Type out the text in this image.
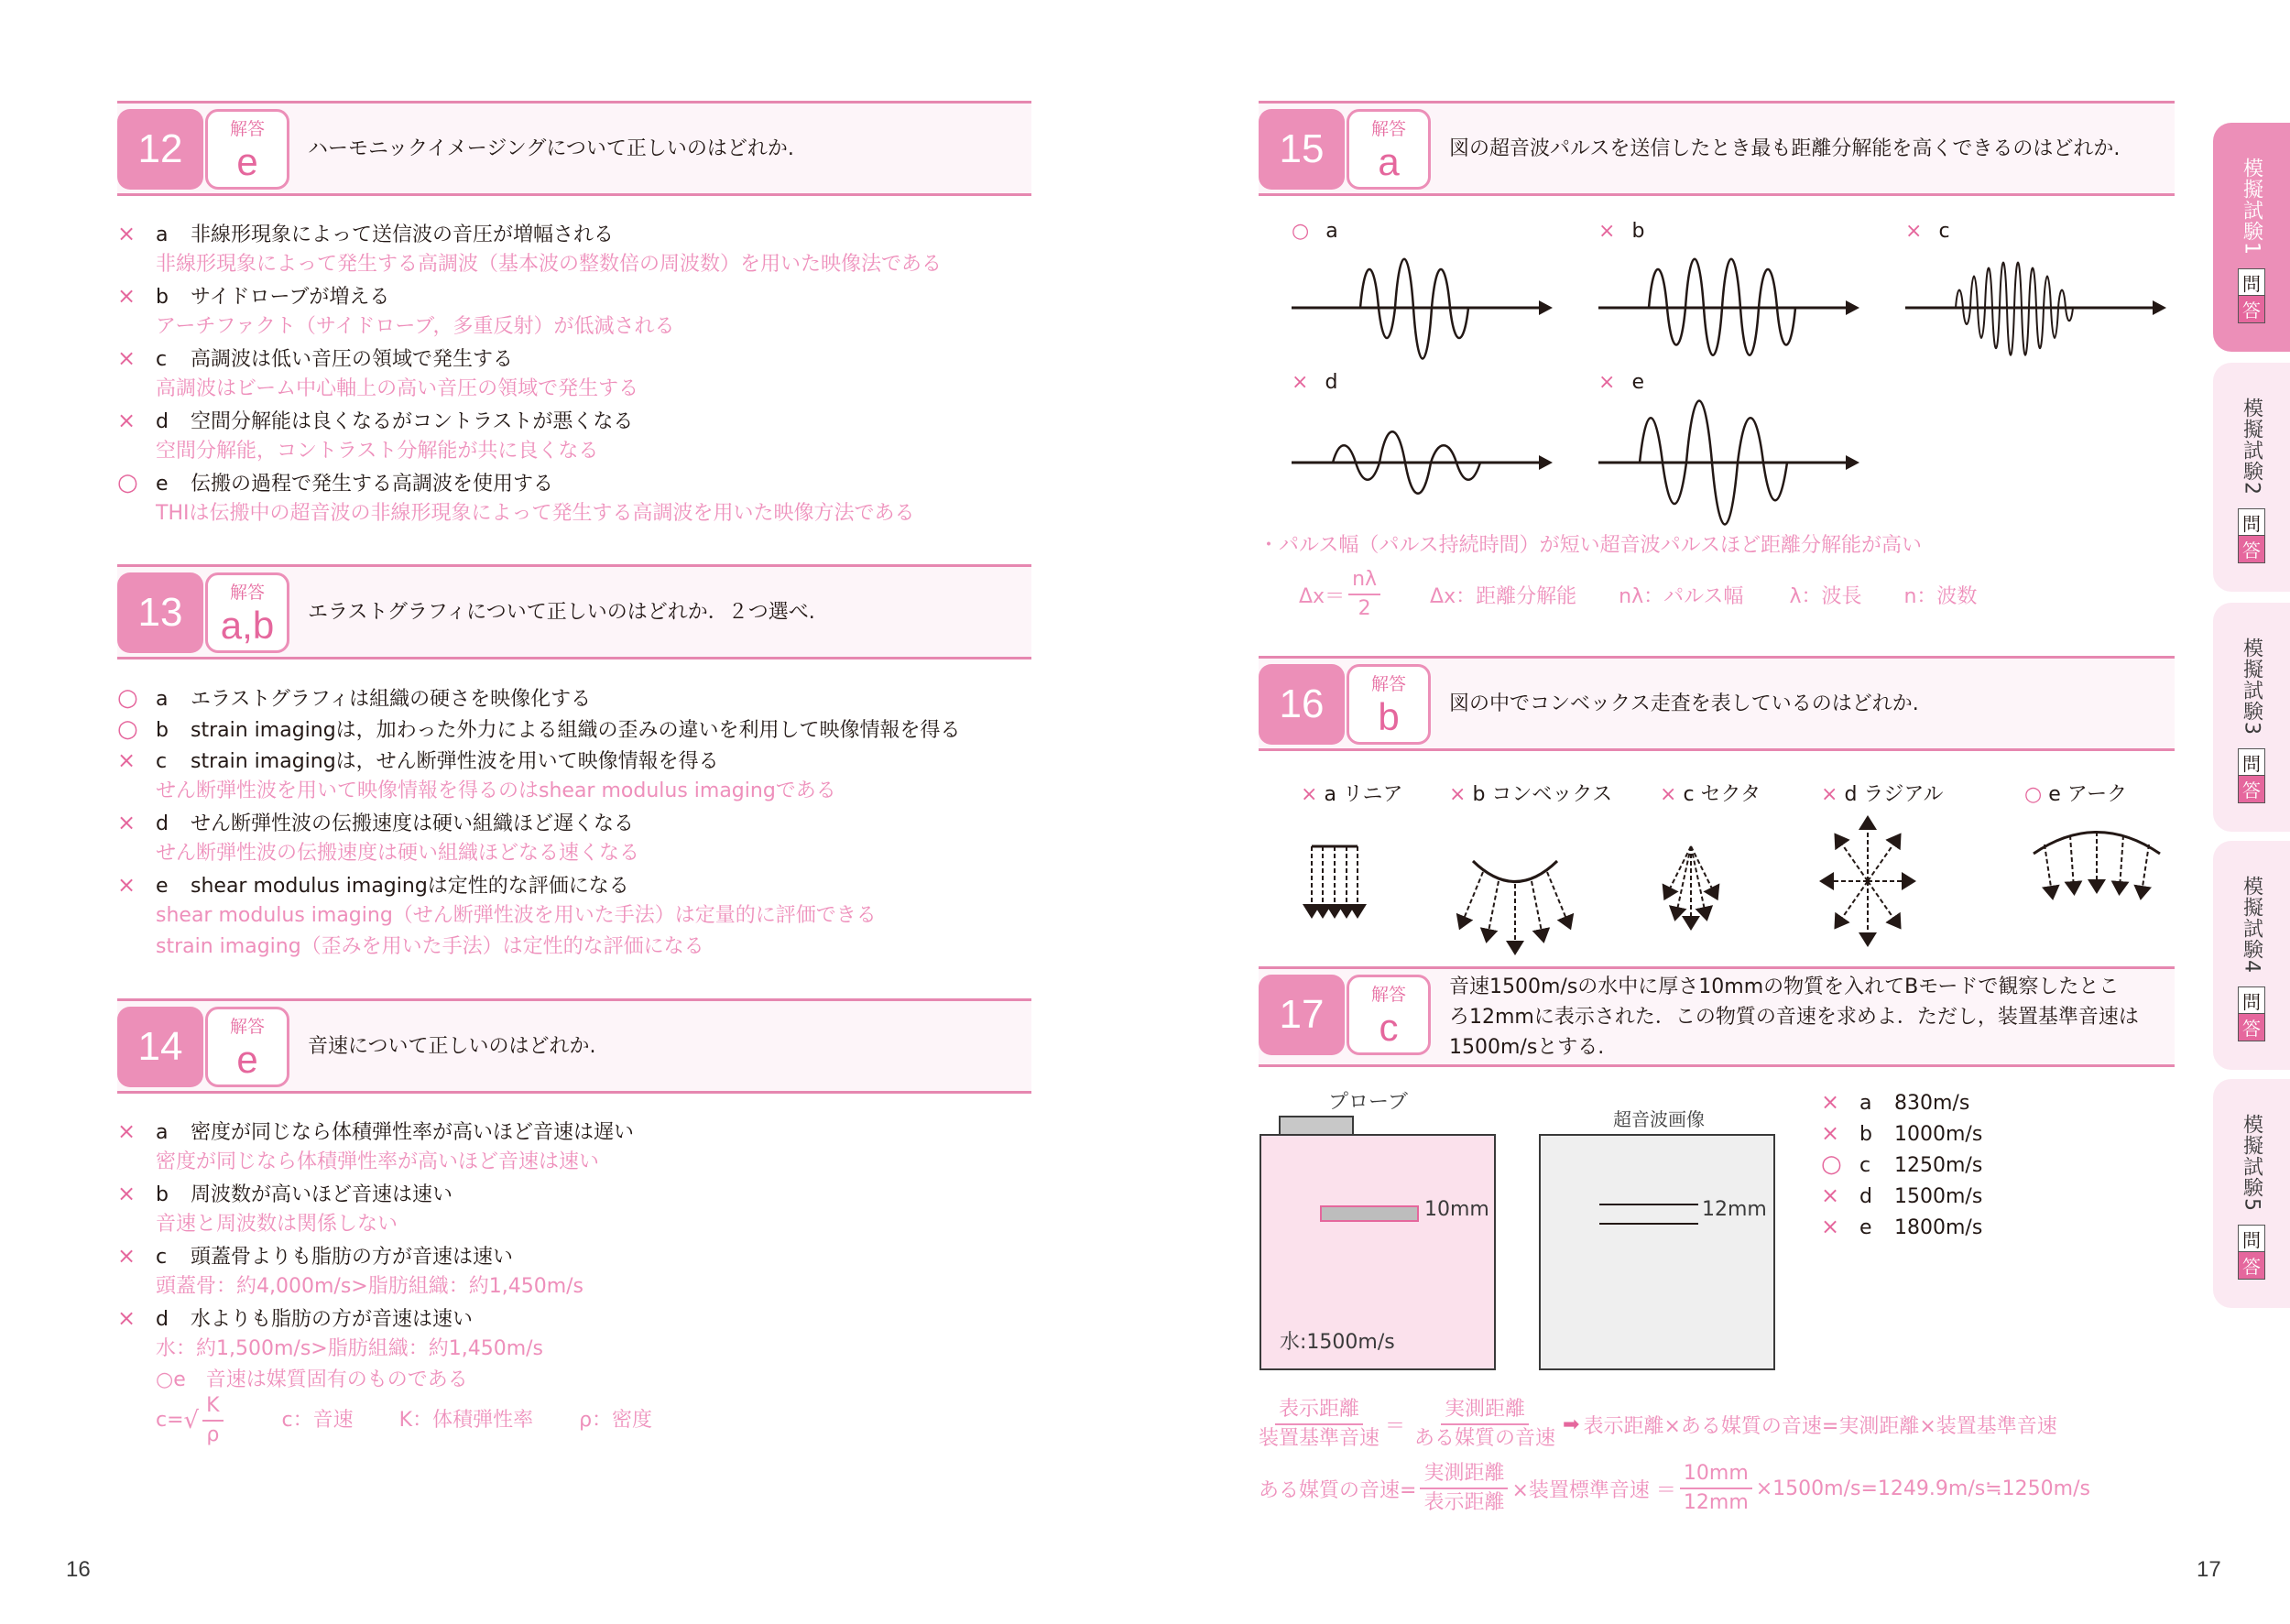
12	解答
e	ハーモニックイメージングについて正しいのはどれか.
× a	非線形現象によって送信波の音圧が増幅される
非線形現象によって発生する高調波（基本波の整数倍の周波数）を用いた映像法である
× b	サイドローブが増える
アーチファクト（サイドローブ，多重反射）が低減される
× c	高調波は低い音圧の領域で発生する
高調波はビーム中心軸上の高い音圧の領域で発生する
× d	空間分解能は良くなるがコントラストが悪くなる
空間分解能，コントラスト分解能が共に良くなる
○ e	伝搬の過程で発生する高調波を使用する
THIは伝搬中の超音波の非線形現象によって発生する高調波を用いた映像方法である
13	解答
a,b	エラストグラフィについて正しいのはどれか．２つ選べ.
○ a	エラストグラフィは組織の硬さを映像化する
○ b	strain imagingは，加わった外力による組織の歪みの違いを利用して映像情報を得る
× c	strain imagingは，せん断弾性波を用いて映像情報を得る
せん断弾性波を用いて映像情報を得るのはshear modulus imagingである
× d	せん断弾性波の伝搬速度は硬い組織ほど遅くなる
せん断弾性波の伝搬速度は硬い組織ほどなる速くなる
× e	shear modulus imagingは定性的な評価になる
shear modulus imaging（せん断弾性波を用いた手法）は定量的に評価できる
strain imaging（歪みを用いた手法）は定性的な評価になる
14	解答
e	音速について正しいのはどれか.
× a	密度が同じなら体積弾性率が高いほど音速は遅い
密度が同じなら体積弾性率が高いほど音速は速い
× b	周波数が高いほど音速は速い
音速と周波数は関係しない
× c	頭蓋骨よりも脂肪の方が音速は速い
頭蓋骨：約4,000m/s>脂肪組織：約1,450m/s
× d	水よりも脂肪の方が音速は速い
水：約1,500m/s>脂肪組織：約1,450m/s
○e　音速は媒質固有のものである
c= √ $\frac{K}{\rho}$	c：音速 K：体積弾性率 ρ：密度
16
15	解答
a	図の超音波パルスを送信したとき最も距離分解能を高くできるのはどれか.
○ a	× b	× c
× d	× e
・パルス幅（パルス持続時間）が短い超音波パルスほど距離分解能が高い
$\Delta x= \frac{n\lambda}{2}$ Δx：距離分解能 nλ：パルス幅 λ：波長 n：波数
16	解答
b	図の中でコンベックス走査を表しているのはどれか.
× a リニア × b コンベックス × c セクタ	× d ラジアル	○ e アーク
17	解答
c
音速1500m/sの水中に厚さ10mmの物質を入れてBモードで観察したとこ
ろ12mmに表示された．この物質の音速を求めよ．ただし，装置基準音速は
1500m/sとする.
プローブ
10mm
水:1500m/s
超音波画像
12mm
× a	830m/s
× b	1000m/s
○ c	1250m/s
× d	1500m/s
× e	1800m/s
$\frac{\text{表示距離}}{\text{装置基準音速}} = \frac{\text{実測距離}}{\text{ある媒質の音速}}$ ➡ 表示距離×ある媒質の音速=実測距離×装置基準音速
ある媒質の音速= $\frac{\text{実測距離}}{\text{表示距離}}$ ×装置標準音速 ＝ $\frac{10mm}{12mm}$ ×1500m/s=1249.9m/s≒1250m/s
17
模擬試験1
問
答
模擬試験2
問
答
模擬試験3
問
答
模擬試験4
問
答
模擬試験5
問
答
